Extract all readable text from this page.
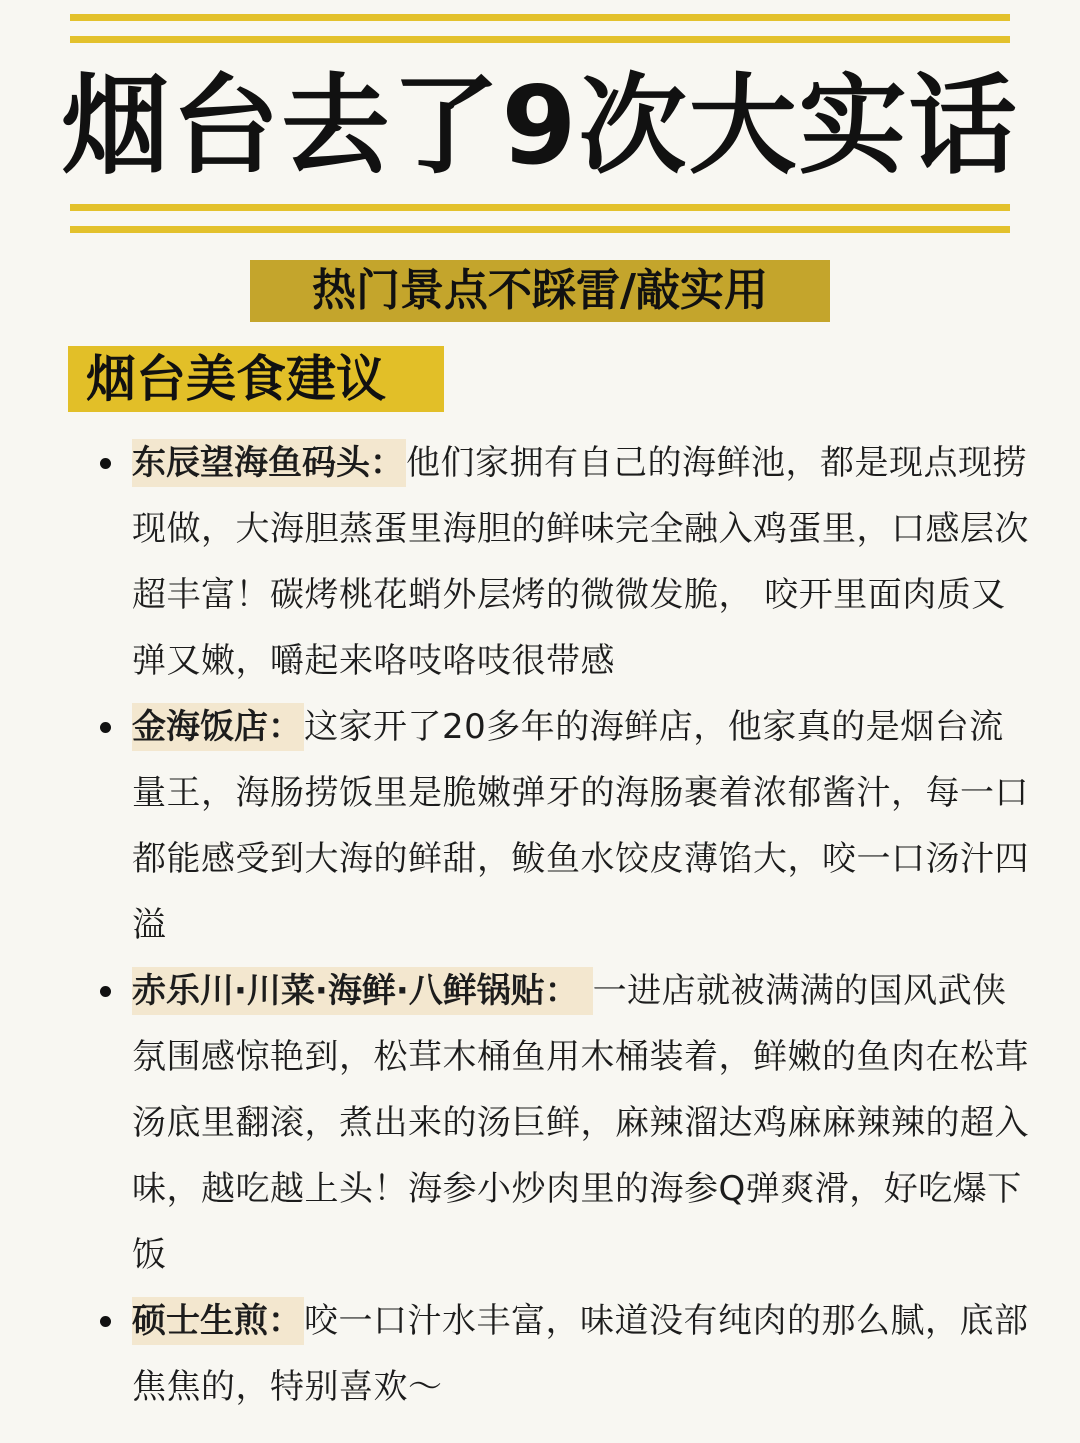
烟台去了9次大实话
热门景点不踩雷/敲实用
烟台美食建议
东辰望海鱼码头：他们家拥有自己的海鲜池，都是现点现捞现做，大海胆蒸蛋里海胆的鲜味完全融入鸡蛋里，口感层次超丰富！碳烤桃花蛸外层烤的微微发脆， 咬开里面肉质又弹又嫩，嚼起来咯吱咯吱很带感
金海饭店：这家开了20多年的海鲜店，他家真的是烟台流量王，海肠捞饭里是脆嫩弹牙的海肠裹着浓郁酱汁，每一口都能感受到大海的鲜甜，鲅鱼水饺皮薄馅大，咬一口汤汁四溢
赤乐川·川菜·海鲜·八鲜锅贴： 一进店就被满满的国风武侠氛围感惊艳到，松茸木桶鱼用木桶装着，鲜嫩的鱼肉在松茸汤底里翻滚，煮出来的汤巨鲜，麻辣溜达鸡麻麻辣辣的超入味，越吃越上头！海参小炒肉里的海参Q弹爽滑，好吃爆下饭
硕士生煎：咬一口汁水丰富，味道没有纯肉的那么腻，底部焦焦的，特别喜欢～
